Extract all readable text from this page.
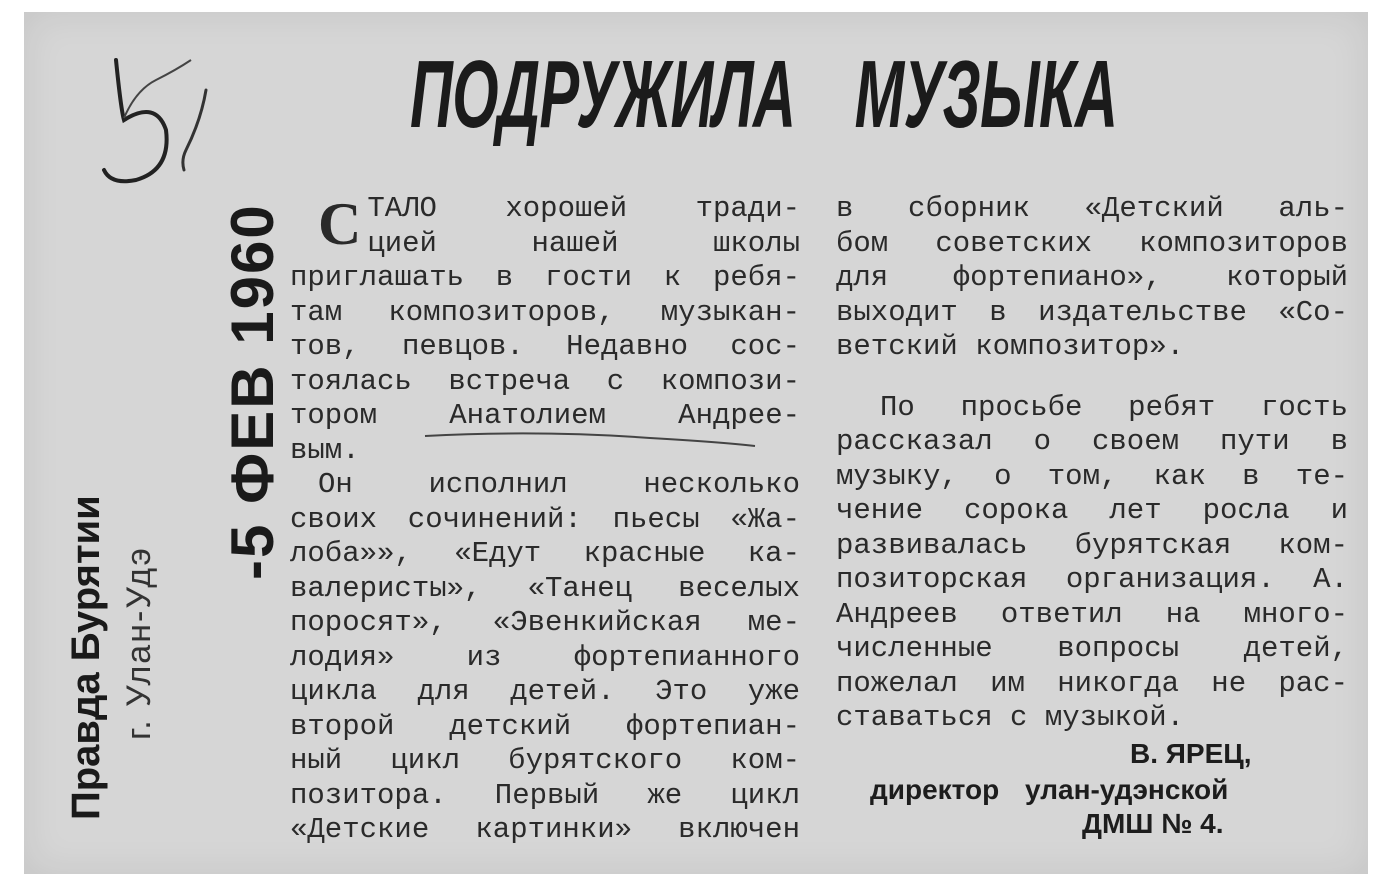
ПОДРУЖИЛА МУЗЫКА
-5 ФЕВ 1960
Правда Бурятии г. Улан-Удэ
С ТАЛО хорошей тради-
цией нашей школы
приглашать в гости к ребя-
там композиторов, музыкан-
тов, певцов. Недавно сос-
тоялась встреча с компози-
тором Анатолием Андрее-
вым.
Он исполнил несколько
своих сочинений: пьесы «Жа-
лоба»», «Едут красные ка-
валеристы», «Танец веселых
поросят», «Эвенкийская ме-
лодия» из фортепианного
цикла для детей. Это уже
второй детский фортепиан-
ный цикл бурятского ком-
позитора. Первый же цикл
«Детские картинки» включен
в сборник «Детский аль-
бом советских композиторов
для фортепиано», который
выходит в издательстве «Со-
ветский композитор».
По просьбе ребят гость
рассказал о своем пути в
музыку, о том, как в те-
чение сорока лет росла и
развивалась бурятская ком-
позиторская организация. А.
Андреев ответил на много-
численные вопросы детей,
пожелал им никогда не рас-
ставаться с музыкой.
В. ЯРЕЦ,
директор улан-удэнской
ДМШ № 4.
